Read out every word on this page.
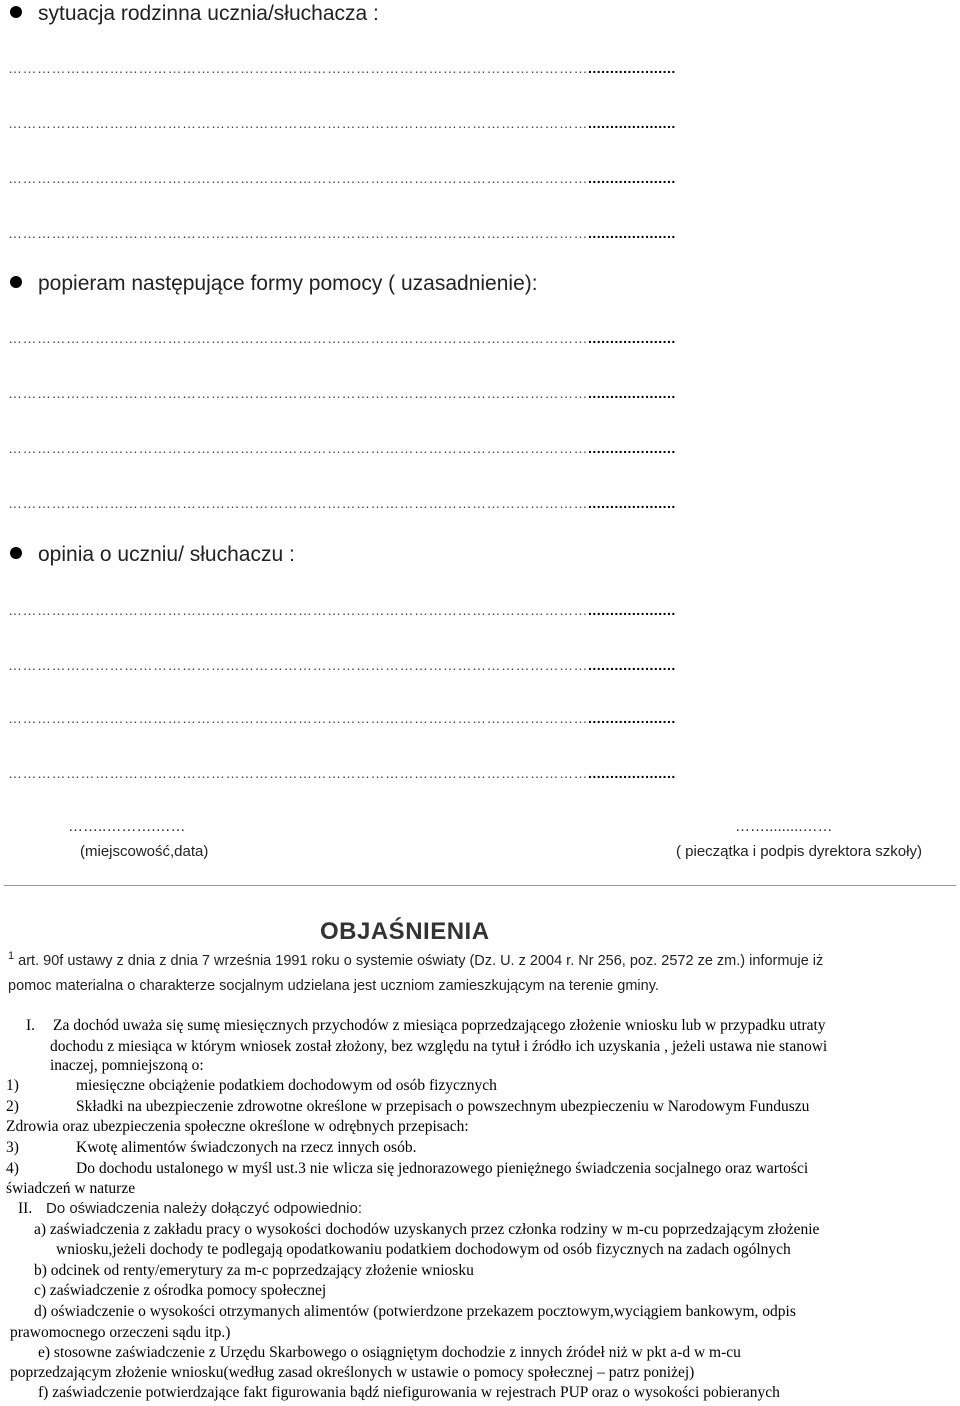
sytuacja rodzinna ucznia/słuchacza :
…………………………………………………………………………………………………………....................
…………………………………………………………………………………………………………....................
…………………………………………………………………………………………………………....................
…………………………………………………………………………………………………………....................
popieram następujące formy pomocy ( uzasadnienie):
…………………………………………………………………………………………………………....................
…………………………………………………………………………………………………………....................
…………………………………………………………………………………………………………....................
…………………………………………………………………………………………………………....................
opinia o uczniu/ słuchaczu :
…………………………………………………………………………………………………………....................
…………………………………………………………………………………………………………....................
…………………………………………………………………………………………………………....................
…………………………………………………………………………………………………………....................
……..……….……
(miejscowość,data)
…….........……
( pieczątka i podpis dyrektora szkoły)
OBJAŚNIENIA
$^1$ art. 90f ustawy z dnia z dnia 7 września 1991 roku o systemie oświaty (Dz. U. z 2004 r. Nr 256, poz. 2572 ze zm.) informuje iż
pomoc materialna o charakterze socjalnym udzielana jest uczniom zamieszkującym na terenie gminy.
I. Za dochód uważa się sumę miesięcznych przychodów z miesiąca poprzedzającego złożenie wniosku lub w przypadku utraty
dochodu z miesiąca w którym wniosek został złożony, bez względu na tytuł i źródło ich uzyskania , jeżeli ustawa nie stanowi
inaczej, pomniejszoną o:
1)	miesięczne obciążenie podatkiem dochodowym od osób fizycznych
2)	Składki na ubezpieczenie zdrowotne określone w przepisach o powszechnym ubezpieczeniu w Narodowym Funduszu
Zdrowia oraz ubezpieczenia społeczne określone w odrębnych przepisach:
3)	Kwotę alimentów świadczonych na rzecz innych osób.
4)	Do dochodu ustalonego w myśl ust.3 nie wlicza się jednorazowego pieniężnego świadczenia socjalnego oraz wartości
świadczeń w naturze
II. Do oświadczenia należy dołączyć odpowiednio:
a) zaświadczenia z zakładu pracy o wysokości dochodów uzyskanych przez członka rodziny w m-cu poprzedzającym złożenie
wniosku,jeżeli dochody te podlegają opodatkowaniu podatkiem dochodowym od osób fizycznych na zadach ogólnych
b) odcinek od renty/emerytury za m-c poprzedzający złożenie wniosku
c) zaświadczenie z ośrodka pomocy społecznej
d) oświadczenie o wysokości otrzymanych alimentów (potwierdzone przekazem pocztowym,wyciągiem bankowym, odpis
prawomocnego orzeczeni sądu itp.)
e) stosowne zaświadczenie z Urzędu Skarbowego o osiągniętym dochodzie z innych źródeł niż w pkt a-d w m-cu
poprzedzającym złożenie wniosku(według zasad określonych w ustawie o pomocy społecznej – patrz poniżej)
f) zaświadczenie potwierdzające fakt figurowania bądź niefigurowania w rejestrach PUP oraz o wysokości pobieranych
